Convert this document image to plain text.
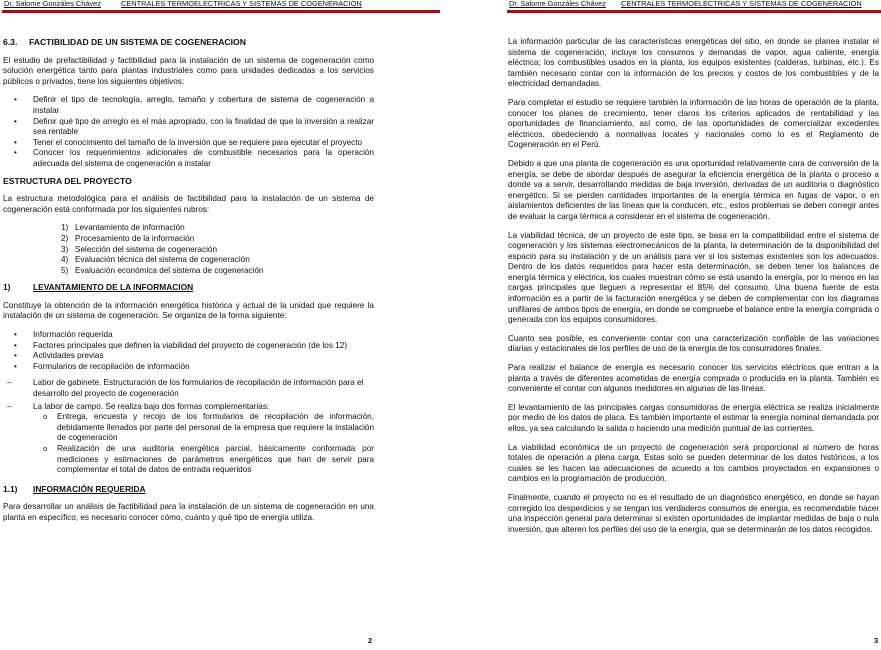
Dr. Salome Gonzáles Chávez	CENTRALES TERMOELECTRICAS Y SISTEMAS DE COGENERACION
6.3. FACTIBILIDAD DE UN SISTEMA DE COGENERACION

El estudio de prefactibilidad y factibilidad para la instalación de un sistema de cogeneración como solución energética tanto para plantas industriales como para unidades dedicadas a los servicios públicos o privados, tiene los siguientes objetivos:

• Definir el tipo de tecnología, arreglo, tamaño y cobertura de sistema de cogeneración a instalar
• Definir qué tipo de arreglo es el más apropiado, con la finalidad de que la inversión a realizar sea rentable
• Tener el conocimiento del tamaño de la inversión que se requiere para ejecutar el proyecto
• Conocer los requerimientos adicionales de combustible necesarios para la operación adecuada del sistema de cogeneración a instalar
ESTRUCTURA DEL PROYECTO

La estructura metodológica para el análisis de factibilidad para la instalación de un sistema de cogeneración está conformada por los siguientes rubros:

1) Levantamiento de información
2) Procesamiento de la información
3) Selección del sistema de cogeneración
4) Evaluación técnica del sistema de cogeneración
5) Evaluación económica del sistema de cogeneración
1)	LEVANTAMIENTO DE LA INFORMACION

Constituye la obtención de la información energética histórica y actual de la unidad que requiere la instalación de un sistema de cogeneración. Se organiza de la forma siguiente:

• Información requerida
• Factores principales que definen la viabilidad del proyecto de cogeneración (de los 12)
• Actividades previas
• Formularios de recopilación de información
– Labor de gabinete. Estructuración de los formularios de recopilación de información para el desarrollo del proyecto de cogeneración
– La labor de campo. Se realiza bajo dos formas complementarias:
o Entrega, encuesta y recojo de los formularios de recopilación de información, debidamente llenados por parte del personal de la empresa que requiere la instalación de cogeneración
o Realización de una auditoria energética parcial, básicamente conformada por mediciones y estimaciones de parámetros energéticos que han de servir para complementar el total de datos de entrada requeridos
1.1) INFORMACIÓN REQUERIDA

Para desarrollar un análisis de factibilidad para la instalación de un sistema de cogeneración en una planta en específico, es necesario conocer cómo, cuánto y qué tipo de energía utiliza.

2
Dr. Salome Gonzáles Chávez CENTRALES TERMOELECTRICAS Y SISTEMAS DE COGENERACION

La información particular de las características energéticas del sitio, en donde se planea instalar el sistema de cogeneración, incluye los consumos y demandas de vapor, agua caliente, energía eléctrica; los combustibles usados en la planta, los equipos existentes (calderas, turbinas, etc.). Es también necesario contar con la información de los precios y costos de los combustibles y de la electricidad demandadas.

Para completar el estudio se requiere también la información de las horas de operación de la planta, conocer los planes de crecimiento, tener claros los criterios aplicados de rentabilidad y las oportunidades de financiamiento, así como, de las oportunidades de comercializar excedentes eléctricos, obedeciendo a normativas locales y nacionales como lo es el Reglamento de Cogeneración en el Perú.

Debido a que una planta de cogeneración es una oportunidad relativamente cara de conversión de la energía, se debe de abordar después de asegurar la eficiencia energética de la planta o proceso a donde va a servir, desarrollando medidas de baja inversión, derivadas de un auditoria o diagnóstico energético. Si se pierden cantidades importantes de la energía térmica en fugas de vapor, o en aislamientos deficientes de las líneas que la conducen, etc., estos problemas se deben corregir antes de evaluar la carga térmica a considerar en el sistema de cogeneración.

La viabilidad técnica, de un proyecto de este tipo, se basa en la compatibilidad entre el sistema de cogeneración y los sistemas electromecánicos de la planta, la determinación de la disponibilidad del espacio para su instalación y de un análisis para ver si los sistemas existentes son los adecuados. Dentro de los datos requeridos para hacer esta determinación, se deben tener los balances de energía térmica y eléctrica, los cuales muestran cómo se está usando la energía, por lo menos en las cargas principales que lleguen a representar el 85% del consumo. Una buena fuente de esta información es a partir de la facturación energética y se deben de complementar con los diagramas unifilares de ambos tipos de energía, en donde se compruebe el balance entre la energía comprada o generada con los equipos consumidores.

Cuanto sea posible, es conveniente contar con una caracterización confiable de las variaciones diarias y estacionales de los perfiles de uso de la energía de los consumidores finales.

Para realizar el balance de energía es necesario conocer los servicios eléctricos que entran a la planta a través de diferentes acometidas de energía comprada o producida en la planta. También es conveniente el contar con algunos medidores en algunas de las líneas.

El levantamiento de las principales cargas consumidoras de energía eléctrica se realiza inicialmente por medio de los datos de placa. Es también importante el estimar la energía nominal demandada por ellos, ya sea calculando la salida o haciendo una medición puntual de las corrientes.

La viabilidad económica de un proyecto de cogeneración será proporcional al número de horas totales de operación a plena carga. Estas solo se pueden determinar de los datos históricos, a los cuales se les hacen las adecuaciones de acuerdo a los cambios proyectados en expansiones o cambios en la programación de producción.

Finalmente, cuando el proyecto no es el resultado de un diagnóstico energético, en donde se hayan corregido los desperdicios y se tengan los verdaderos consumos de energía, es recomendable hacer una inspección general para determinar si existen oportunidades de implantar medidas de baja o nula inversión, que alteren los perfiles del uso de la energía, que se determinarán de los datos recogidos.

3
